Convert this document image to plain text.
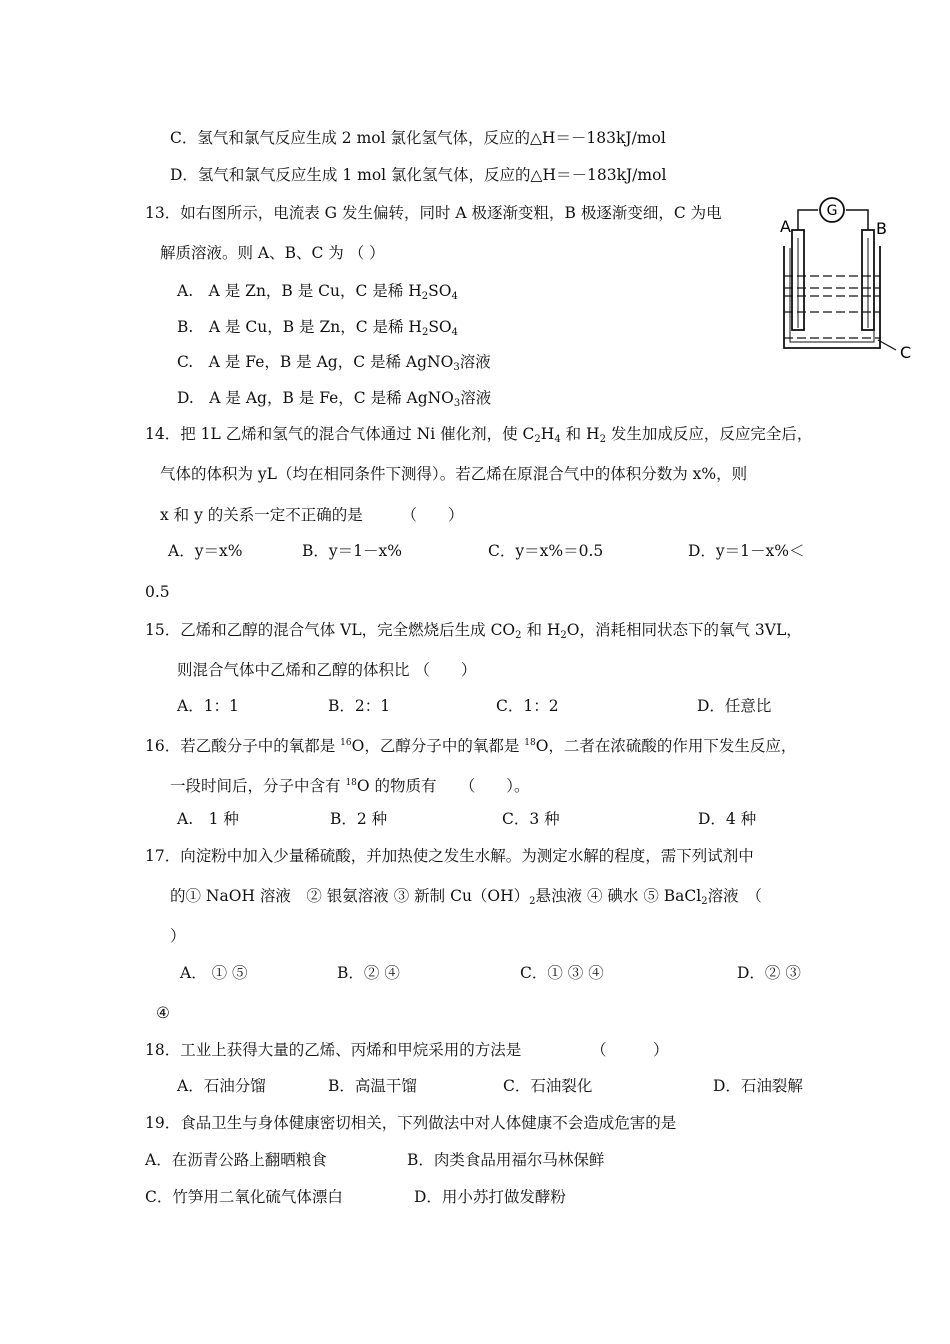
C．氢气和氯气反应生成 2 mol 氯化氢气体，反应的△H＝－183kJ/mol
D．氢气和氯气反应生成 1 mol 氯化氢气体，反应的△H＝－183kJ/mol
13．如右图所示，电流表 G 发生偏转，同时 A 极逐渐变粗，B 极逐渐变细，C 为电
解质溶液。则 A、B、C 为 （ ）
A.　A 是 Zn，B 是 Cu，C 是稀 $H_2SO_4$
B.　A 是 Cu，B 是 Zn，C 是稀 $H_2SO_4$
C.　A 是 Fe，B 是 Ag，C 是稀 AgNO$_3$溶液
D.　A 是 Ag，B 是 Fe，C 是稀 AgNO$_3$溶液
G
A	B
C
14．把 1L 乙烯和氢气的混合气体通过 Ni 催化剂，使 $C_2H_4$ 和 $H_2$ 发生加成反应，反应完全后，
气体的体积为 yL（均在相同条件下测得）。若乙烯在原混合气中的体积分数为 x%，则
x 和 y 的关系一定不正确的是　　　（　　）
A．y＝x%	B．y＝1－x%	C．y＝x%＝0.5	D．y＝1－x%＜
0.5
15．乙烯和乙醇的混合气体 VL，完全燃烧后生成 $CO_2$ 和 $H_2O$，消耗相同状态下的氧气 3VL，
则混合气体中乙烯和乙醇的体积比 （　　）
A．1：1	B．2：1	C．1：2	D．任意比
16．若乙酸分子中的氧都是 $^{16}$O，乙醇分子中的氧都是 $^{18}$O，二者在浓硫酸的作用下发生反应，
一段时间后，分子中含有 $^{18}$O 的物质有　　（　　）。
A.　1 种	B．2 种	C．3 种	D．4 种
17．向淀粉中加入少量稀硫酸，并加热使之发生水解。为测定水解的程度，需下列试剂中
的① NaOH 溶液　② 银氨溶液 ③ 新制 $Cu(OH)_2$悬浊液 ④ 碘水 ⑤ BaCl$_2$溶液　（
）
A． ① ⑤	B．② ④	C．① ③ ④	D．② ③
④
18．工业上获得大量的乙烯、丙烯和甲烷采用的方法是　　　　　（　　　）
A．石油分馏	B．高温干馏	C．石油裂化	D．石油裂解
19．食品卫生与身体健康密切相关，下列做法中对人体健康不会造成危害的是
A．在沥青公路上翻晒粮食	B．肉类食品用福尔马林保鲜
C．竹笋用二氧化硫气体漂白	D．用小苏打做发酵粉
